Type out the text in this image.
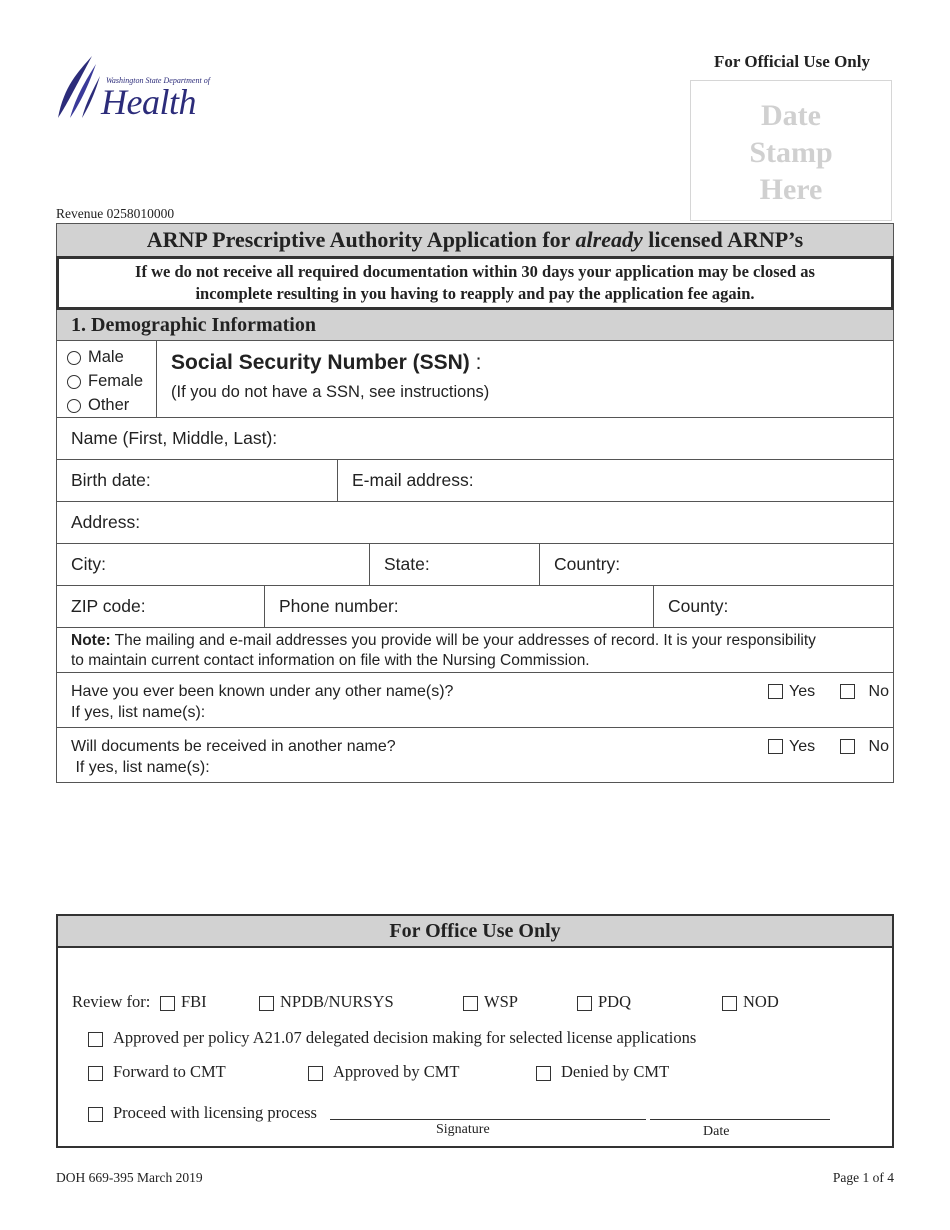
Washington State Department of
Health
For Official Use Only
Date
Stamp
Here
Revenue 0258010000
ARNP Prescriptive Authority Application for already licensed ARNP’s
If we do not receive all required documentation within 30 days your application may be closed as
incomplete resulting in you having to reapply and pay the application fee again.
1. Demographic Information
Male
Female
Other
Social Security Number (SSN) :
(If you do not have a SSN, see instructions)
Name (First, Middle, Last):
Birth date:	E-mail address:
Address:
City:	State:	Country:
ZIP code:	Phone number:	County:
Note: The mailing and e-mail addresses you provide will be your addresses of record. It is your responsibility
to maintain current contact information on file with the Nursing Commission.
Have you ever been known under any other name(s)?
If yes, list name(s):
Yes	No
Will documents be received in another name?
If yes, list name(s):
Yes	No
For Office Use Only
Review for:	FBI	NPDB/NURSYS	WSP	PDQ	NOD
Approved per policy A21.07 delegated decision making for selected license applications
Forward to CMT	Approved by CMT	Denied by CMT
Proceed with licensing process
Signature	Date
DOH 669-395 March 2019	Page 1 of 4
